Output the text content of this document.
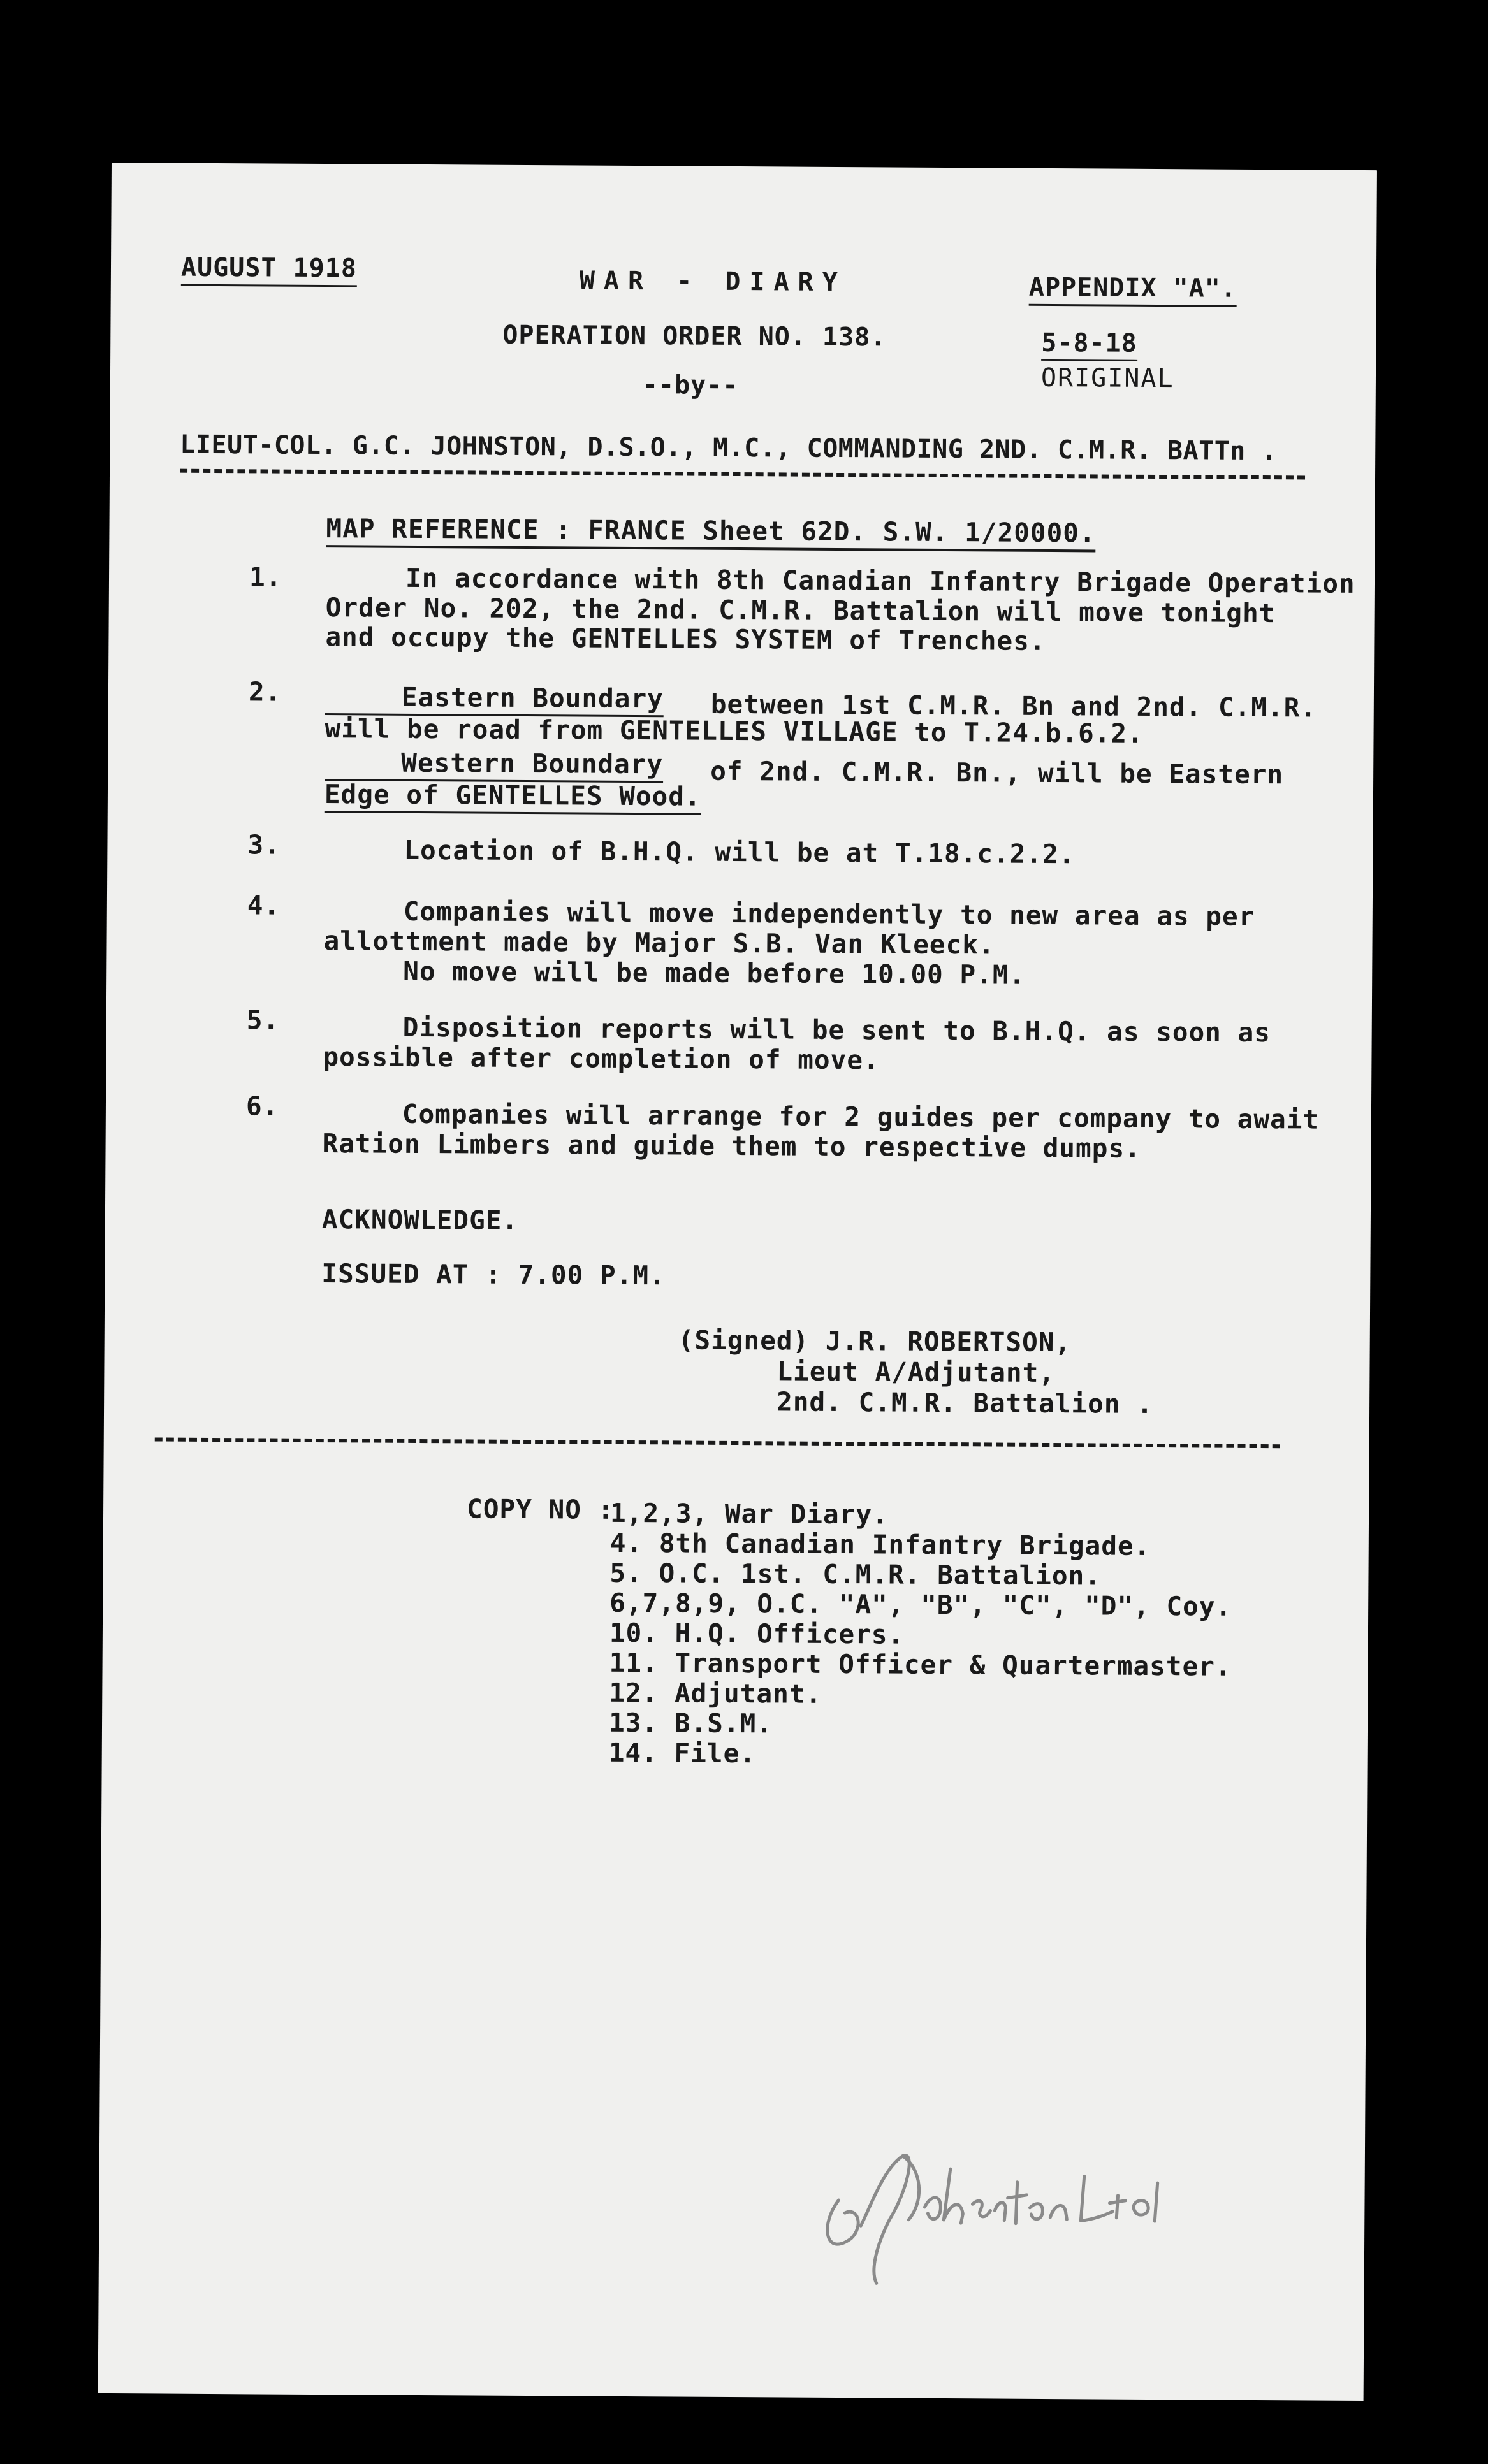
AUGUST 1918	WAR - DIARY	APPENDIX "A".
OPERATION ORDER NO. 138.	5-8-18
ORIGINAL
--by--
LIEUT-COL. G.C. JOHNSTON, D.S.O., M.C., COMMANDING 2ND. C.M.R. BATTn .
MAP REFERENCE : FRANCE Sheet 62D. S.W. 1/20000.
1.	In accordance with 8th Canadian Infantry Brigade Operation
Order No. 202, the 2nd. C.M.R. Battalion will move tonight
and occupy the GENTELLES SYSTEM of Trenches.
2.	Eastern Boundary between 1st C.M.R. Bn and 2nd. C.M.R.
will be road from GENTELLES VILLAGE to T.24.b.6.2.
Western Boundary of 2nd. C.M.R. Bn., will be Eastern
Edge of GENTELLES Wood.
3.	Location of B.H.Q. will be at T.18.c.2.2.
4.	Companies will move independently to new area as per
allottment made by Major S.B. Van Kleeck.
No move will be made before 10.00 P.M.
5.	Disposition reports will be sent to B.H.Q. as soon as
possible after completion of move.
6.	Companies will arrange for 2 guides per company to await
Ration Limbers and guide them to respective dumps.
ACKNOWLEDGE.
ISSUED AT : 7.00 P.M.
(Signed) J.R. ROBERTSON,
Lieut A/Adjutant,
2nd. C.M.R. Battalion .
COPY NO :
1,2,3, War Diary.
4. 8th Canadian Infantry Brigade.
5. O.C. 1st. C.M.R. Battalion.
6,7,8,9, O.C. "A", "B", "C", "D", Coy.
10. H.Q. Officers.
11. Transport Officer & Quartermaster.
12. Adjutant.
13. B.S.M.
14. File.
